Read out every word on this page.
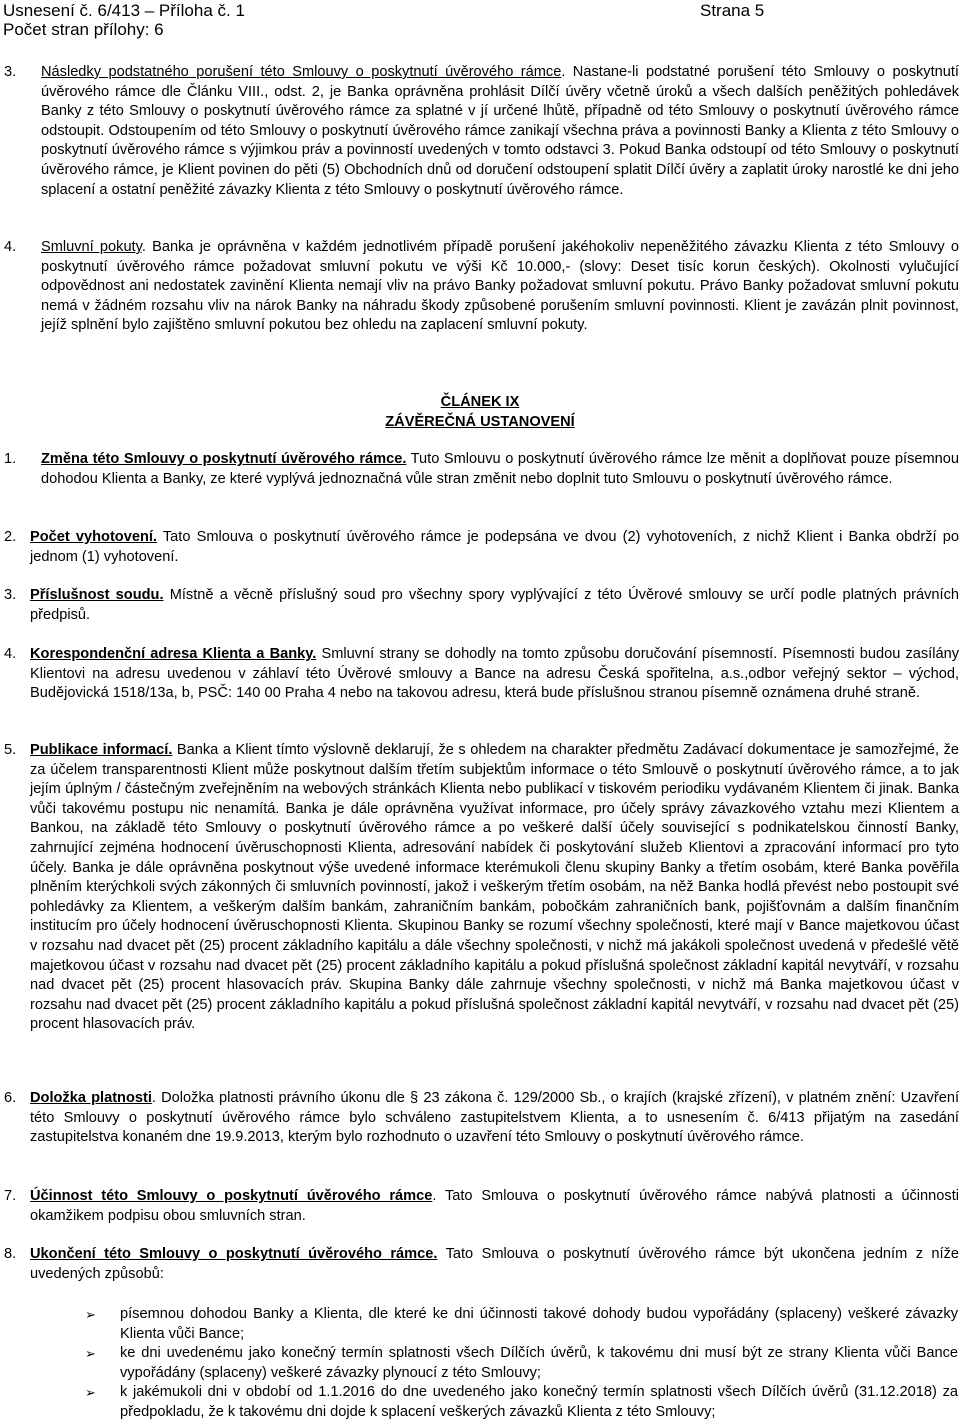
Usnesení č. 6/413 – Příloha č. 1
Počet stran přílohy: 6
Strana 5
3. Následky podstatného porušení této Smlouvy o poskytnutí úvěrového rámce. Nastane-li podstatné porušení této Smlouvy o poskytnutí úvěrového rámce dle Článku VIII., odst. 2, je Banka oprávněna prohlásit Dílčí úvěry včetně úroků a všech dalších peněžitých pohledávek Banky z této Smlouvy o poskytnutí úvěrového rámce za splatné v jí určené lhůtě, případně od této Smlouvy o poskytnutí úvěrového rámce odstoupit. Odstoupením od této Smlouvy o poskytnutí úvěrového rámce zanikají všechna práva a povinnosti Banky a Klienta z této Smlouvy o poskytnutí úvěrového rámce s výjimkou práv a povinností uvedených v tomto odstavci 3. Pokud Banka odstoupí od této Smlouvy o poskytnutí úvěrového rámce, je Klient povinen do pěti (5) Obchodních dnů od doručení odstoupení splatit Dílčí úvěry a zaplatit úroky narostlé ke dni jeho splacení a ostatní peněžité závazky Klienta z této Smlouvy o poskytnutí úvěrového rámce.
4. Smluvní pokuty. Banka je oprávněna v každém jednotlivém případě porušení jakéhokoliv nepeněžitého závazku Klienta z této Smlouvy o poskytnutí úvěrového rámce požadovat smluvní pokutu ve výši Kč 10.000,- (slovy: Deset tisíc korun českých). Okolnosti vylučující odpovědnost ani nedostatek zavinění Klienta nemají vliv na právo Banky požadovat smluvní pokutu. Právo Banky požadovat smluvní pokutu nemá v žádném rozsahu vliv na nárok Banky na náhradu škody způsobené porušením smluvní povinnosti. Klient je zavázán plnit povinnost, jejíž splnění bylo zajištěno smluvní pokutou bez ohledu na zaplacení smluvní pokuty.
ČLÁNEK IX
ZÁVĚREČNÁ USTANOVENÍ
1. Změna této Smlouvy o poskytnutí úvěrového rámce. Tuto Smlouvu o poskytnutí úvěrového rámce lze měnit a doplňovat pouze písemnou dohodou Klienta a Banky, ze které vyplývá jednoznačná vůle stran změnit nebo doplnit tuto Smlouvu o poskytnutí úvěrového rámce.
2. Počet vyhotovení. Tato Smlouva o poskytnutí úvěrového rámce je podepsána ve dvou (2) vyhotoveních, z nichž Klient i Banka obdrží po jednom (1) vyhotovení.
3. Příslušnost soudu. Místně a věcně příslušný soud pro všechny spory vyplývající z této Úvěrové smlouvy se určí podle platných právních předpisů.
4. Korespondenční adresa Klienta a Banky. Smluvní strany se dohodly na tomto způsobu doručování písemností. Písemnosti budou zasílány Klientovi na adresu uvedenou v záhlaví této Úvěrové smlouvy a Bance na adresu Česká spořitelna, a.s.,odbor veřejný sektor – východ, Budějovická 1518/13a, b, PSČ: 140 00 Praha 4 nebo na takovou adresu, která bude příslušnou stranou písemně oznámena druhé straně.
5. Publikace informací. Banka a Klient tímto výslovně deklarují, že s ohledem na charakter předmětu Zadávací dokumentace je samozřejmé, že za účelem transparentnosti Klient může poskytnout dalším třetím subjektům informace o této Smlouvě o poskytnutí úvěrového rámce, a to jak jejím úplným / částečným zveřejněním na webových stránkách Klienta nebo publikací v tiskovém periodiku vydávaném Klientem či jinak. Banka vůči takovému postupu nic nenamítá. Banka je dále oprávněna využívat informace, pro účely správy závazkového vztahu mezi Klientem a Bankou, na základě této Smlouvy o poskytnutí úvěrového rámce a po veškeré další účely související s podnikatelskou činností Banky, zahrnující zejména hodnocení úvěruschopnosti Klienta, adresování nabídek či poskytování služeb Klientovi a zpracování informací pro tyto účely. Banka je dále oprávněna poskytnout výše uvedené informace kterémukoli členu skupiny Banky a třetím osobám, které Banka pověřila plněním kterýchkoli svých zákonných či smluvních povinností, jakož i veškerým třetím osobám, na něž Banka hodlá převést nebo postoupit své pohledávky za Klientem, a veškerým dalším bankám, zahraničním bankám, pobočkám zahraničních bank, pojišťovnám a dalším finančním institucím pro účely hodnocení úvěruschopnosti Klienta. Skupinou Banky se rozumí všechny společnosti, které mají v Bance majetkovou účast v rozsahu nad dvacet pět (25) procent základního kapitálu a dále všechny společnosti, v nichž má jakákoli společnost uvedená v předešlé větě majetkovou účast v rozsahu nad dvacet pět (25) procent základního kapitálu a pokud příslušná společnost základní kapitál nevytváří, v rozsahu nad dvacet pět (25) procent hlasovacích práv. Skupina Banky dále zahrnuje všechny společnosti, v nichž má Banka majetkovou účast v rozsahu nad dvacet pět (25) procent základního kapitálu a pokud příslušná společnost základní kapitál nevytváří, v rozsahu nad dvacet pět (25) procent hlasovacích práv.
6. Doložka platnosti. Doložka platnosti právního úkonu dle § 23 zákona č. 129/2000 Sb., o krajích (krajské zřízení), v platném znění: Uzavření této Smlouvy o poskytnutí úvěrového rámce bylo schváleno zastupitelstvem Klienta, a to usnesením č. 6/413 přijatým na zasedání zastupitelstva konaném dne 19.9.2013, kterým bylo rozhodnuto o uzavření této Smlouvy o poskytnutí úvěrového rámce.
7. Účinnost této Smlouvy o poskytnutí úvěrového rámce. Tato Smlouva o poskytnutí úvěrového rámce nabývá platnosti a účinnosti okamžikem podpisu obou smluvních stran.
8. Ukončení této Smlouvy o poskytnutí úvěrového rámce. Tato Smlouva o poskytnutí úvěrového rámce být ukončena jedním z níže uvedených způsobů:
➢ písemnou dohodou Banky a Klienta, dle které ke dni účinnosti takové dohody budou vypořádány (splaceny) veškeré závazky Klienta vůči Bance;
➢ ke dni uvedenému jako konečný termín splatnosti všech Dílčích úvěrů, k takovému dni musí být ze strany Klienta vůči Bance vypořádány (splaceny) veškeré závazky plynoucí z této Smlouvy;
➢ k jakémukoli dni v období od 1.1.2016 do dne uvedeného jako konečný termín splatnosti všech Dílčích úvěrů (31.12.2018) za předpokladu, že k takovému dni dojde k splacení veškerých závazků Klienta z této Smlouvy;
